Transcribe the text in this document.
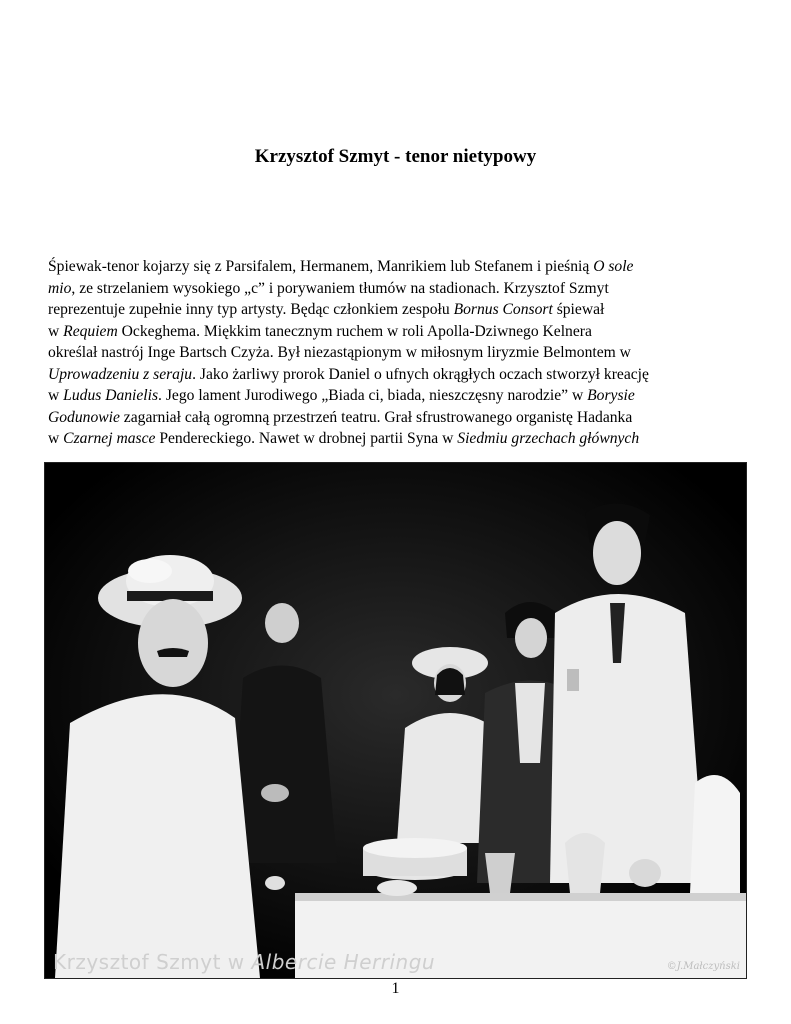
Krzysztof Szmyt - tenor nietypowy
Śpiewak-tenor kojarzy się z Parsifalem, Hermanem, Manrikiem lub Stefanem i pieśnią O sole
mio, ze strzelaniem wysokiego „c” i porywaniem tłumów na stadionach. Krzysztof Szmyt
reprezentuje zupełnie inny typ artysty. Będąc członkiem zespołu Bornus Consort śpiewał
w Requiem Ockeghema. Miękkim tanecznym ruchem w roli Apolla-Dziwnego Kelnera
określał nastrój Inge Bartsch Czyża. Był niezastąpionym w miłosnym liryzmie Belmontem w
Uprowadzeniu z seraju. Jako żarliwy prorok Daniel o ufnych okrągłych oczach stworzył kreację
w Ludus Danielis. Jego lament Jurodiwego „Biada ci, biada, nieszczęsny narodzie” w Borysie
Godunowie zagarniał całą ogromną przestrzeń teatru. Grał sfrustrowanego organistę Hadanka
w Czarnej masce Pendereckiego. Nawet w drobnej partii Syna w Siedmiu grzechach głównych
Krzysztof Szmyt w Albercie Herringu	©J.Małczyński
1
